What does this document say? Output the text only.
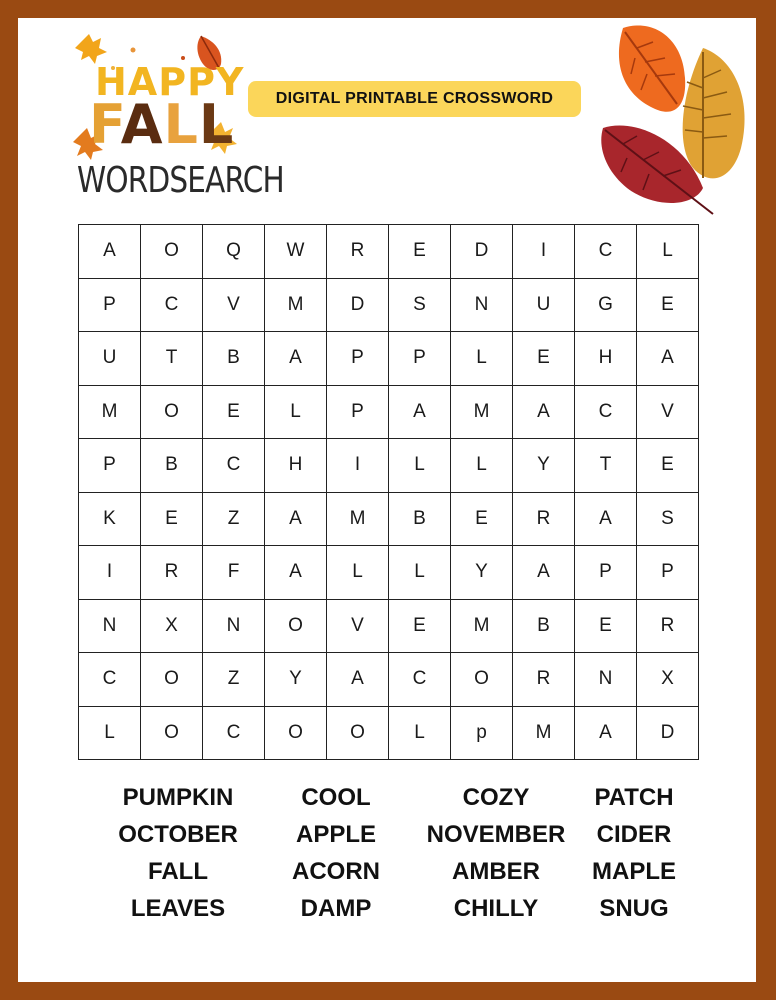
HAPPY
FALL
WORDSEARCH
DIGITAL PRINTABLE CROSSWORD
A	O	Q	W	R	E	D	I	C	L
P	C	V	M	D	S	N	U	G	E
U	T	B	A	P	P	L	E	H	A
M	O	E	L	P	A	M	A	C	V
P	B	C	H	I	L	L	Y	T	E
K	E	Z	A	M	B	E	R	A	S
I	R	F	A	L	L	Y	A	P	P
N	X	N	O	V	E	M	B	E	R
C	O	Z	Y	A	C	O	R	N	X
L	O	C	O	O	L	p	M	A	D
PUMPKIN	COOL	COZY	PATCH
OCTOBER APPLE NOVEMBER CIDER
FALL	ACORN	AMBER MAPLE
LEAVES	DAMP	CHILLY	SNUG
